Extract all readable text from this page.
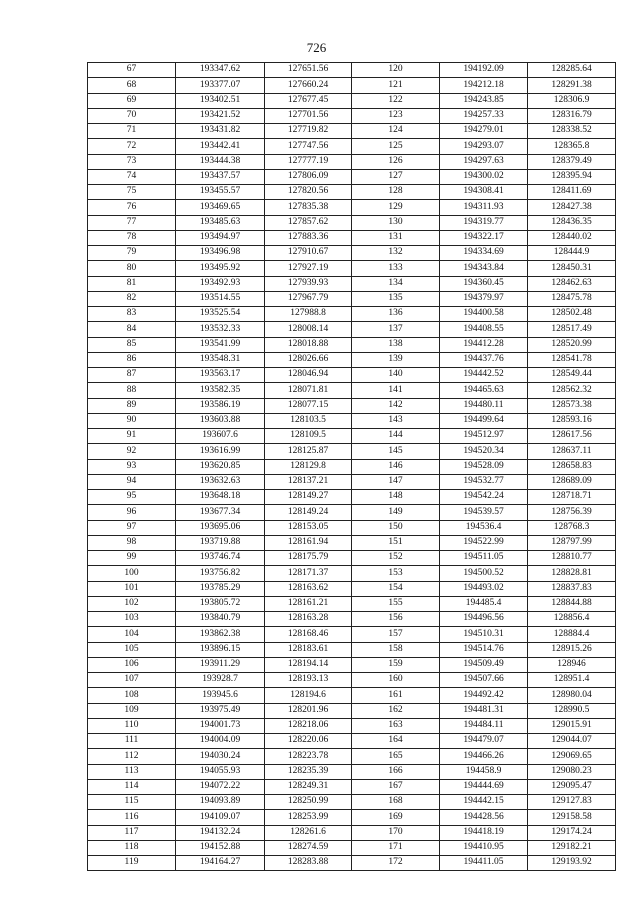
726
67	193347.62	127651.56	120	194192.09	128285.64
68	193377.07	127660.24	121	194212.18	128291.38
69	193402.51	127677.45	122	194243.85	128306.9
70	193421.52	127701.56	123	194257.33	128316.79
71	193431.82	127719.82	124	194279.01	128338.52
72	193442.41	127747.56	125	194293.07	128365.8
73	193444.38	127777.19	126	194297.63	128379.49
74	193437.57	127806.09	127	194300.02	128395.94
75	193455.57	127820.56	128	194308.41	128411.69
76	193469.65	127835.38	129	194311.93	128427.38
77	193485.63	127857.62	130	194319.77	128436.35
78	193494.97	127883.36	131	194322.17	128440.02
79	193496.98	127910.67	132	194334.69	128444.9
80	193495.92	127927.19	133	194343.84	128450.31
81	193492.93	127939.93	134	194360.45	128462.63
82	193514.55	127967.79	135	194379.97	128475.78
83	193525.54	127988.8	136	194400.58	128502.48
84	193532.33	128008.14	137	194408.55	128517.49
85	193541.99	128018.88	138	194412.28	128520.99
86	193548.31	128026.66	139	194437.76	128541.78
87	193563.17	128046.94	140	194442.52	128549.44
88	193582.35	128071.81	141	194465.63	128562.32
89	193586.19	128077.15	142	194480.11	128573.38
90	193603.88	128103.5	143	194499.64	128593.16
91	193607.6	128109.5	144	194512.97	128617.56
92	193616.99	128125.87	145	194520.34	128637.11
93	193620.85	128129.8	146	194528.09	128658.83
94	193632.63	128137.21	147	194532.77	128689.09
95	193648.18	128149.27	148	194542.24	128718.71
96	193677.34	128149.24	149	194539.57	128756.39
97	193695.06	128153.05	150	194536.4	128768.3
98	193719.88	128161.94	151	194522.99	128797.99
99	193746.74	128175.79	152	194511.05	128810.77
100	193756.82	128171.37	153	194500.52	128828.81
101	193785.29	128163.62	154	194493.02	128837.83
102	193805.72	128161.21	155	194485.4	128844.88
103	193840.79	128163.28	156	194496.56	128856.4
104	193862.38	128168.46	157	194510.31	128884.4
105	193896.15	128183.61	158	194514.76	128915.26
106	193911.29	128194.14	159	194509.49	128946
107	193928.7	128193.13	160	194507.66	128951.4
108	193945.6	128194.6	161	194492.42	128980.04
109	193975.49	128201.96	162	194481.31	128990.5
110	194001.73	128218.06	163	194484.11	129015.91
111	194004.09	128220.06	164	194479.07	129044.07
112	194030.24	128223.78	165	194466.26	129069.65
113	194055.93	128235.39	166	194458.9	129080.23
114	194072.22	128249.31	167	194444.69	129095.47
115	194093.89	128250.99	168	194442.15	129127.83
116	194109.07	128253.99	169	194428.56	129158.58
117	194132.24	128261.6	170	194418.19	129174.24
118	194152.88	128274.59	171	194410.95	129182.21
119	194164.27	128283.88	172	194411.05	129193.92
